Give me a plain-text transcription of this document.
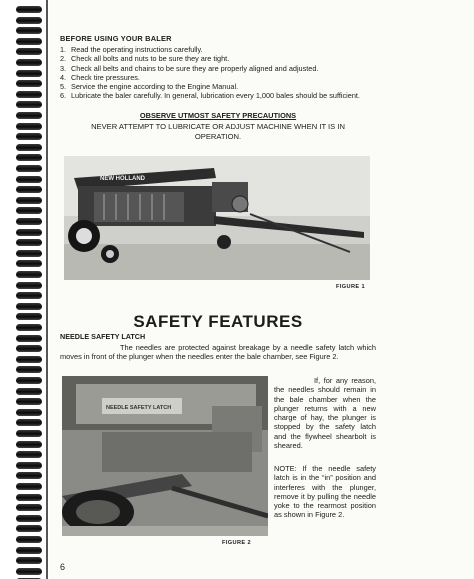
BEFORE USING YOUR BALER
1. Read the operating instructions carefully.
2. Check all bolts and nuts to be sure they are tight.
3. Check all belts and chains to be sure they are properly aligned and adjusted.
4. Check tire pressures.
5. Service the engine according to the Engine Manual.
6. Lubricate the baler carefully. In general, lubrication every 1,000 bales should be sufficient.
OBSERVE UTMOST SAFETY PRECAUTIONS
NEVER ATTEMPT TO LUBRICATE OR ADJUST MACHINE WHEN IT IS IN OPERATION.
NEW HOLLAND
FIGURE 1
SAFETY FEATURES
NEEDLE SAFETY LATCH
The needles are protected against breakage by a needle safety latch which moves in front of the plunger when the needles enter the bale chamber, see Figure 2.
NEEDLE SAFETY LATCH
FIGURE 2
If, for any reason, the needles should remain in the bale chamber when the plunger returns with a new charge of hay, the plunger is stopped by the safety latch and the flywheel shearbolt is sheared.
NOTE: If the needle safety latch is in the “in” position and interferes with the plunger, remove it by pulling the needle yoke to the rearmost position as shown in Figure 2.
6
